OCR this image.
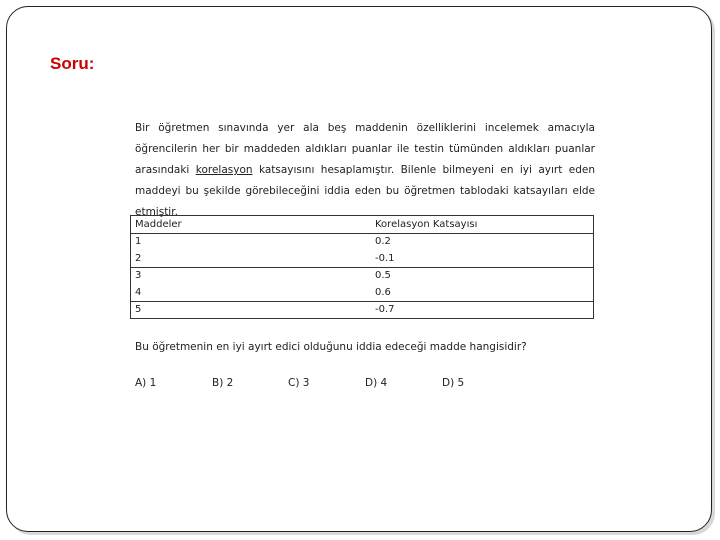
Soru:

Bir öğretmen sınavında yer ala beş maddenin özelliklerini incelemek amacıyla öğrencilerin her bir maddeden aldıkları puanlar ile testin tümünden aldıkları puanlar arasındaki korelasyon katsayısını hesaplamıştır. Bilenle bilmeyeni en iyi ayırt eden maddeyi bu şekilde görebileceğini iddia eden bu öğretmen tablodaki katsayıları elde etmiştir.

Maddeler	Korelasyon Katsayısı
1	0.2
2	-0.1
3	0.5
4	0.6
5	-0.7
Bu öğretmenin en iyi ayırt edici olduğunu iddia edeceği madde hangisidir?
A) 1	B) 2	C) 3	D) 4	D) 5
